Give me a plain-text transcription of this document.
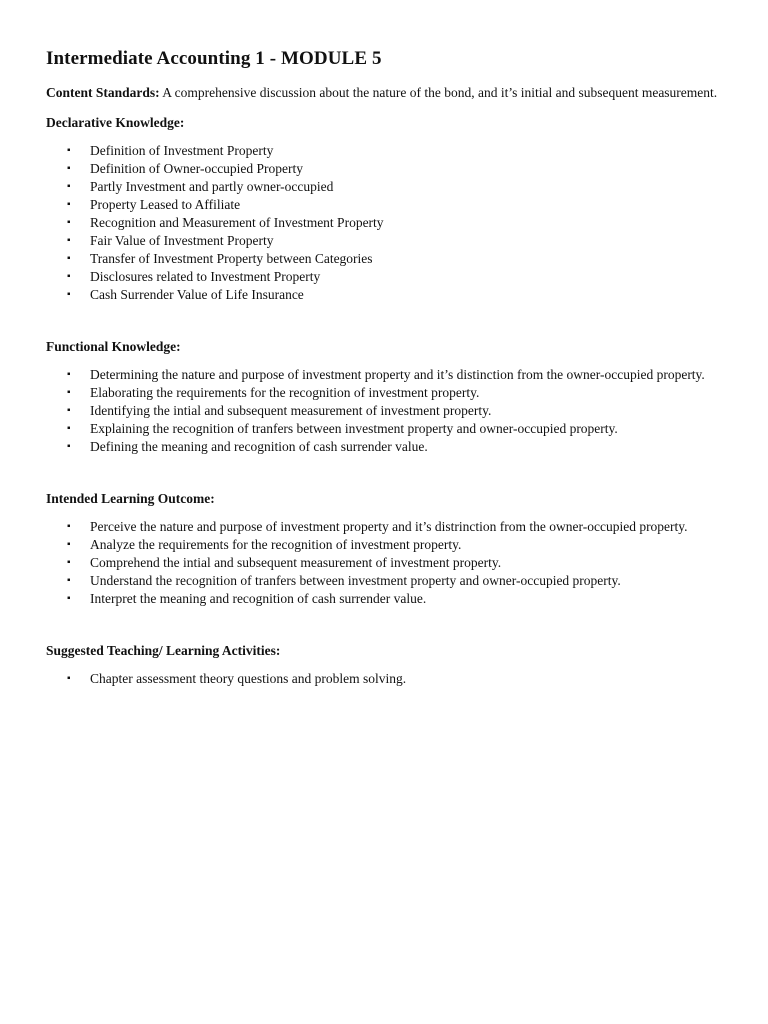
Intermediate Accounting 1 - MODULE 5

Content Standards: A comprehensive discussion about the nature of the bond, and it’s initial and subsequent measurement.

Declarative Knowledge:
▪ Definition of Investment Property
▪ Definition of Owner-occupied Property
▪ Partly Investment and partly owner-occupied
▪ Property Leased to Affiliate
▪ Recognition and Measurement of Investment Property
▪ Fair Value of Investment Property
▪ Transfer of Investment Property between Categories
▪ Disclosures related to Investment Property
▪ Cash Surrender Value of Life Insurance
Functional Knowledge:
▪ Determining the nature and purpose of investment property and it’s distinction from the owner-occupied property.
▪ Elaborating the requirements for the recognition of investment property.
▪ Identifying the intial and subsequent measurement of investment property.
▪ Explaining the recognition of tranfers between investment property and owner-occupied property.
▪ Defining the meaning and recognition of cash surrender value.
Intended Learning Outcome:
▪ Perceive the nature and purpose of investment property and it’s distrinction from the owner-occupied property.
▪ Analyze the requirements for the recognition of investment property.
▪ Comprehend the intial and subsequent measurement of investment property.
▪ Understand the recognition of tranfers between investment property and owner-occupied property.
▪ Interpret the meaning and recognition of cash surrender value.
Suggested Teaching/ Learning Activities:
▪ Chapter assessment theory questions and problem solving.
